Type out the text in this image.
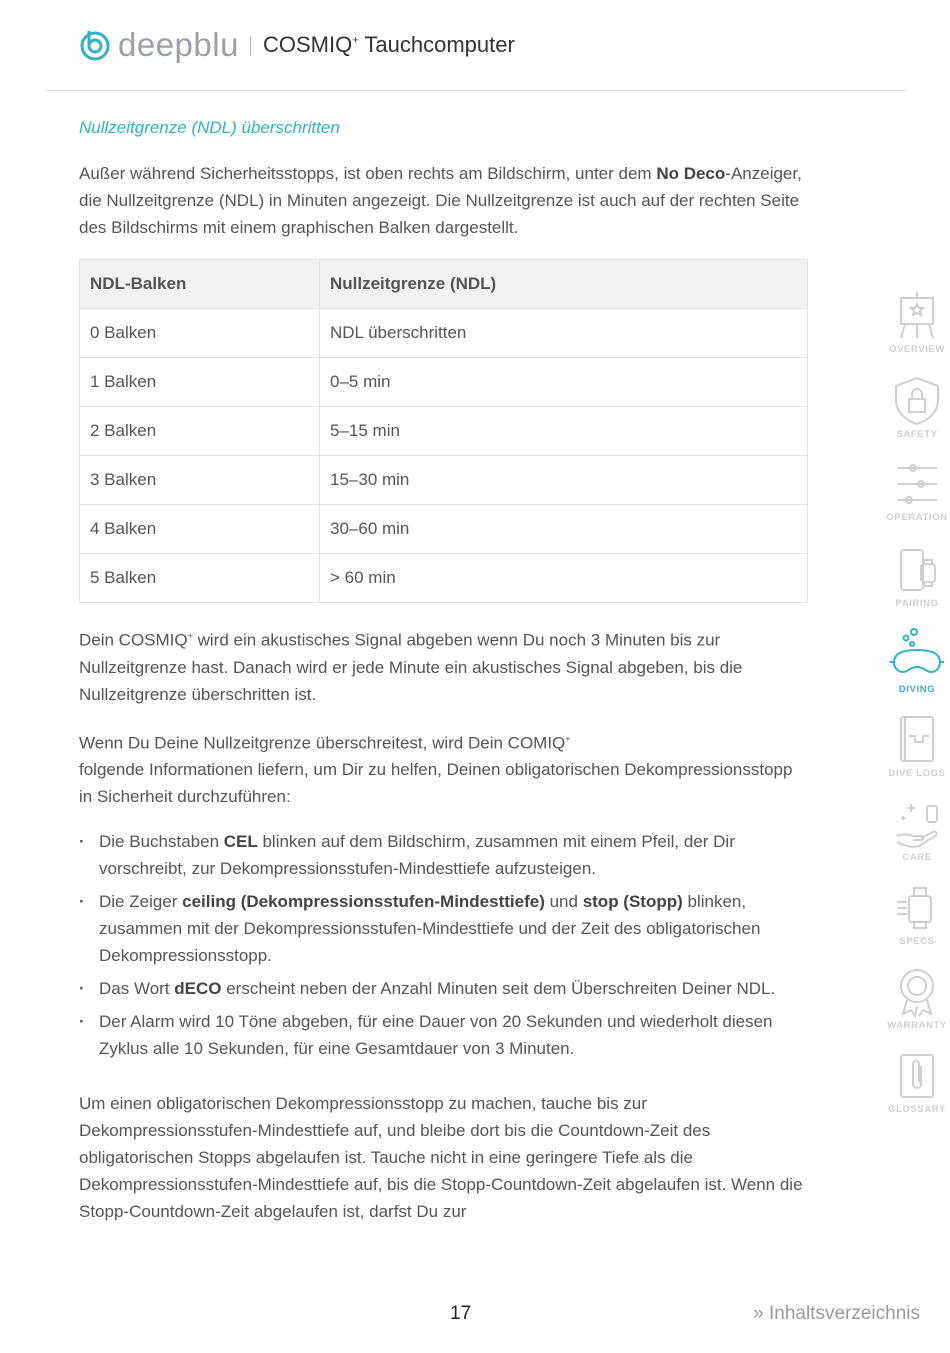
deepblu COSMIQ+ Tauchcomputer
Nullzeitgrenze (NDL) überschritten

Außer während Sicherheitsstopps, ist oben rechts am Bildschirm, unter dem No Deco-Anzeiger, die Nullzeitgrenze (NDL) in Minuten angezeigt. Die Nullzeitgrenze ist auch auf der rechten Seite des Bildschirms mit einem graphischen Balken dargestellt.

NDL-Balken	Nullzeitgrenze (NDL)
0 Balken	NDL überschritten
1 Balken	0–5 min
2 Balken	5–15 min
3 Balken	15–30 min
4 Balken	30–60 min
5 Balken	> 60 min

Dein COSMIQ+ wird ein akustisches Signal abgeben wenn Du noch 3 Minuten bis zur Nullzeitgrenze hast. Danach wird er jede Minute ein akustisches Signal abgeben, bis die Nullzeitgrenze überschritten ist.

Wenn Du Deine Nullzeitgrenze überschreitest, wird Dein COMIQ+
folgende Informationen liefern, um Dir zu helfen, Deinen obligatorischen Dekompressionsstopp in Sicherheit durchzuführen:

· Die Buchstaben CEL blinken auf dem Bildschirm, zusammen mit einem Pfeil, der Dir vorschreibt, zur Dekompressionsstufen-Mindesttiefe aufzusteigen.
· Die Zeiger ceiling (Dekompressionsstufen-Mindesttiefe) und stop (Stopp) blinken, zusammen mit der Dekompressionsstufen-Mindesttiefe und der Zeit des obligatorischen Dekompressionsstopp.
· Das Wort dECO erscheint neben der Anzahl Minuten seit dem Überschreiten Deiner NDL.
· Der Alarm wird 10 Töne abgeben, für eine Dauer von 20 Sekunden und wiederholt diesen Zyklus alle 10 Sekunden, für eine Gesamtdauer von 3 Minuten.

Um einen obligatorischen Dekompressionsstopp zu machen, tauche bis zur Dekompressionsstufen-Mindesttiefe auf, und bleibe dort bis die Countdown-Zeit des obligatorischen Stopps abgelaufen ist. Tauche nicht in eine geringere Tiefe als die Dekompressionsstufen-Mindesttiefe auf, bis die Stopp-Countdown-Zeit abgelaufen ist. Wenn die Stopp-Countdown-Zeit abgelaufen ist, darfst Du zur

OVERVIEW
SAFETY
OPERATION
PAIRING
DIVING
DIVE LOGS
CARE
SPECS
WARRANTY
GLOSSARY
17	» Inhaltsverzeichnis
